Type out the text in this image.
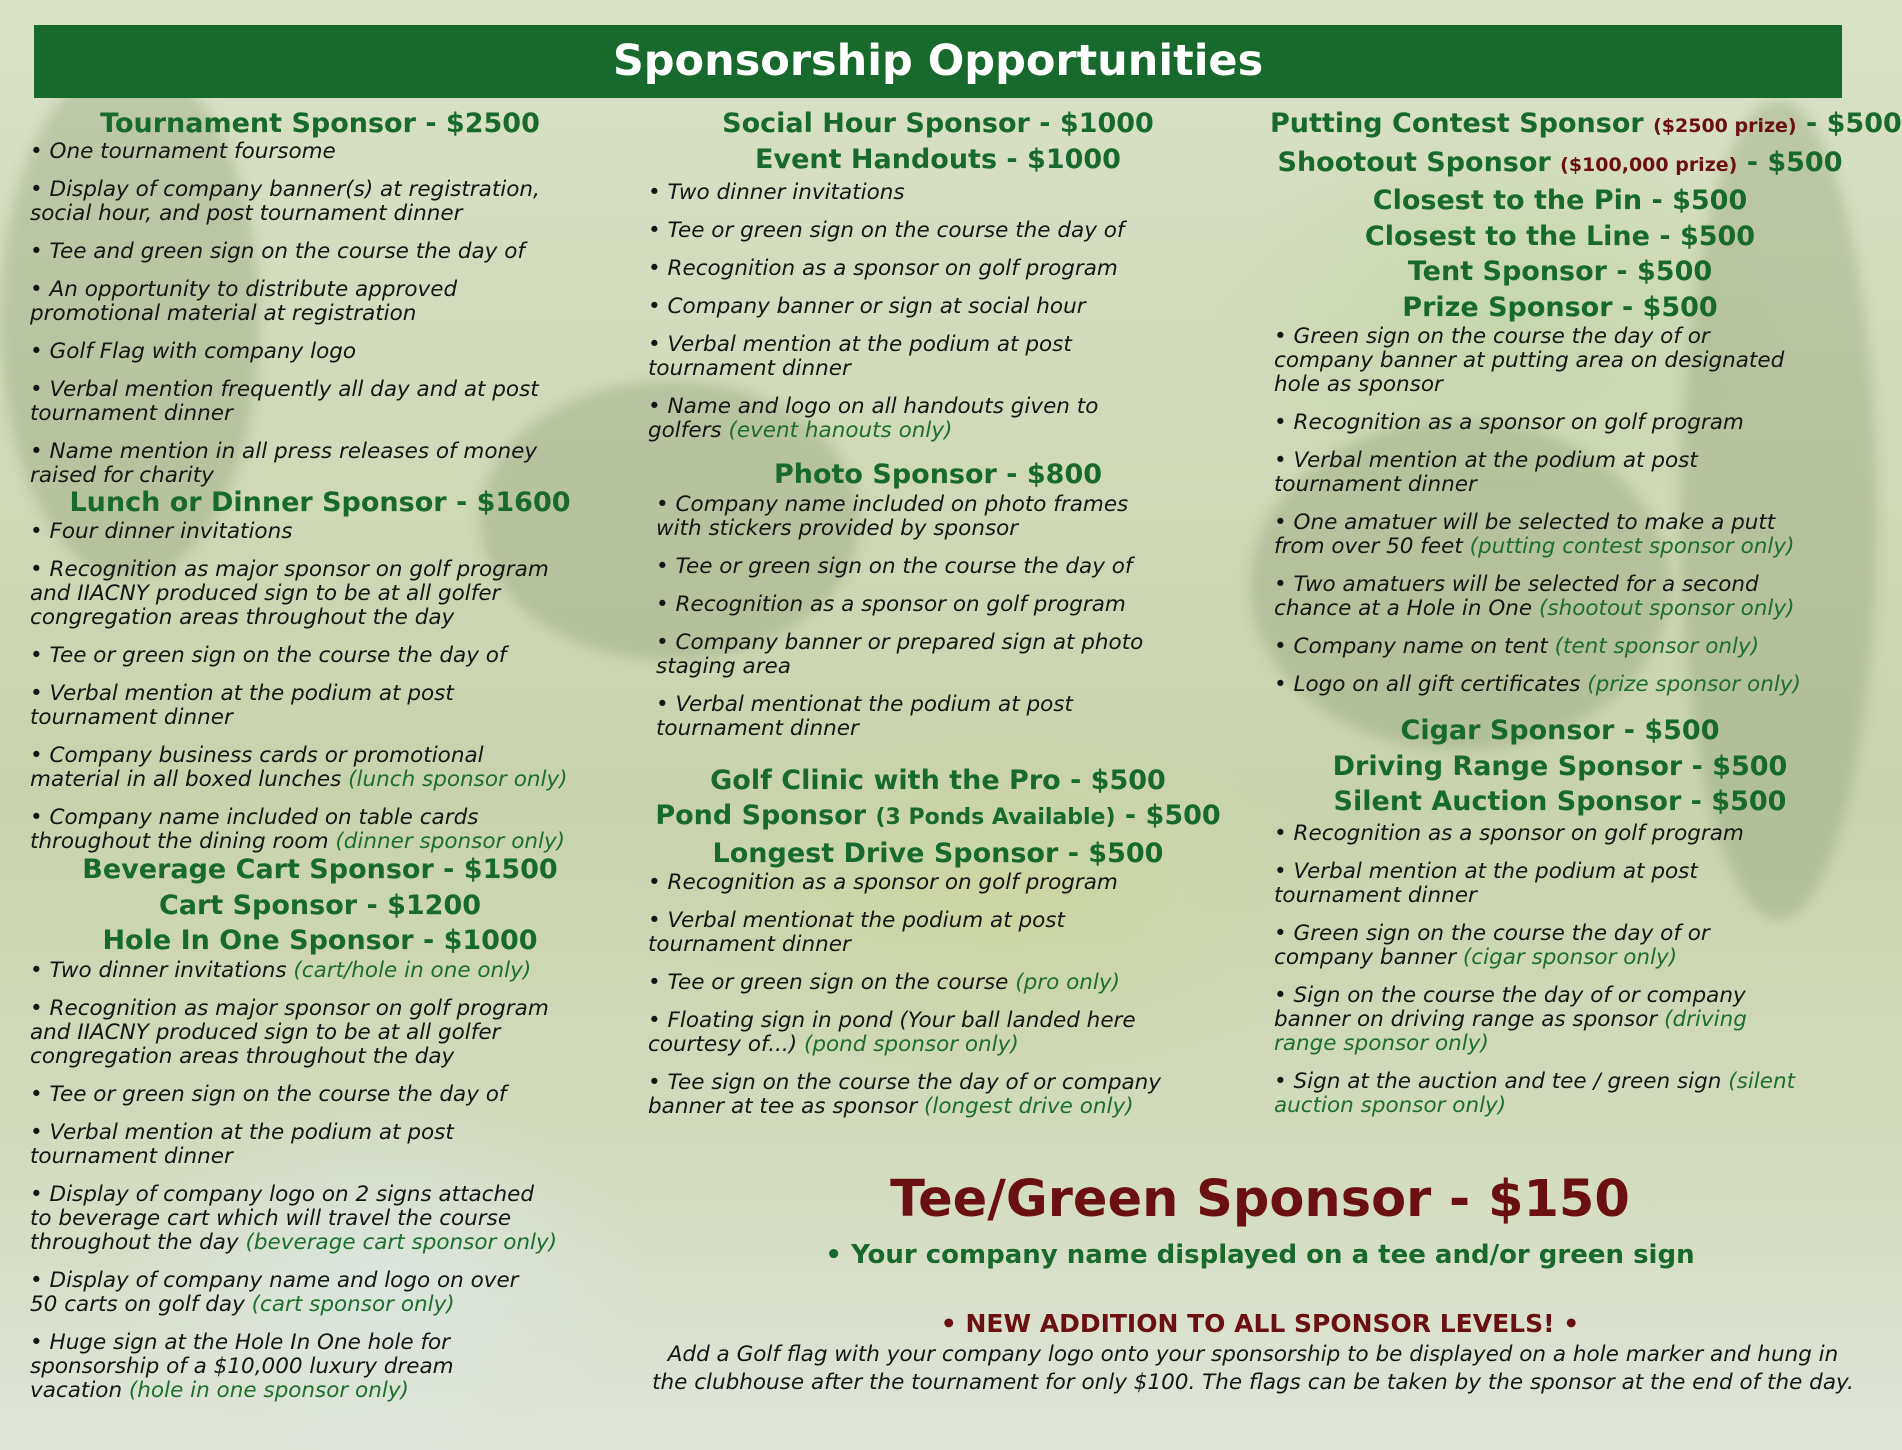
Sponsorship Opportunities
Tournament Sponsor - $2500
• One tournament foursome
• Display of company banner(s) at registration,
social hour, and post tournament dinner
• Tee and green sign on the course the day of
• An opportunity to distribute approved
promotional material at registration
• Golf Flag with company logo
• Verbal mention frequently all day and at post
tournament dinner
• Name mention in all press releases of money
raised for charity
Lunch or Dinner Sponsor - $1600
• Four dinner invitations
• Recognition as major sponsor on golf program
and IIACNY produced sign to be at all golfer
congregation areas throughout the day
• Tee or green sign on the course the day of
• Verbal mention at the podium at post
tournament dinner
• Company business cards or promotional
material in all boxed lunches (lunch sponsor only)
• Company name included on table cards
throughout the dining room (dinner sponsor only)
Beverage Cart Sponsor - $1500
Cart Sponsor - $1200
Hole In One Sponsor - $1000
• Two dinner invitations (cart/hole in one only)
• Recognition as major sponsor on golf program
and IIACNY produced sign to be at all golfer
congregation areas throughout the day
• Tee or green sign on the course the day of
• Verbal mention at the podium at post
tournament dinner
• Display of company logo on 2 signs attached
to beverage cart which will travel the course
throughout the day (beverage cart sponsor only)
• Display of company name and logo on over
50 carts on golf day (cart sponsor only)
• Huge sign at the Hole In One hole for
sponsorship of a $10,000 luxury dream
vacation (hole in one sponsor only)
Social Hour Sponsor - $1000
Event Handouts - $1000
• Two dinner invitations
• Tee or green sign on the course the day of
• Recognition as a sponsor on golf program
• Company banner or sign at social hour
• Verbal mention at the podium at post
tournament dinner
• Name and logo on all handouts given to
golfers (event hanouts only)
Photo Sponsor - $800
• Company name included on photo frames
with stickers provided by sponsor
• Tee or green sign on the course the day of
• Recognition as a sponsor on golf program
• Company banner or prepared sign at photo
staging area
• Verbal mentionat the podium at post
tournament dinner
Golf Clinic with the Pro - $500
Pond Sponsor (3 Ponds Available) - $500
Longest Drive Sponsor - $500
• Recognition as a sponsor on golf program
• Verbal mentionat the podium at post
tournament dinner
• Tee or green sign on the course (pro only)
• Floating sign in pond (Your ball landed here
courtesy of...) (pond sponsor only)
• Tee sign on the course the day of or company
banner at tee as sponsor (longest drive only)
Putting Contest Sponsor ($2500 prize) - $500
Shootout Sponsor ($100,000 prize) - $500
Closest to the Pin - $500
Closest to the Line - $500
Tent Sponsor - $500
Prize Sponsor - $500
• Green sign on the course the day of or
company banner at putting area on designated
hole as sponsor
• Recognition as a sponsor on golf program
• Verbal mention at the podium at post
tournament dinner
• One amatuer will be selected to make a putt
from over 50 feet (putting contest sponsor only)
• Two amatuers will be selected for a second
chance at a Hole in One (shootout sponsor only)
• Company name on tent (tent sponsor only)
• Logo on all gift certificates (prize sponsor only)
Cigar Sponsor - $500
Driving Range Sponsor - $500
Silent Auction Sponsor - $500
• Recognition as a sponsor on golf program
• Verbal mention at the podium at post
tournament dinner
• Green sign on the course the day of or
company banner (cigar sponsor only)
• Sign on the course the day of or company
banner on driving range as sponsor (driving
range sponsor only)
• Sign at the auction and tee / green sign (silent
auction sponsor only)
Tee/Green Sponsor - $150
• Your company name displayed on a tee and/or green sign
• NEW ADDITION TO ALL SPONSOR LEVELS! •
Add a Golf flag with your company logo onto your sponsorship to be displayed on a hole marker and hung in the clubhouse after the tournament for only $100. The flags can be taken by the sponsor at the end of the day.
